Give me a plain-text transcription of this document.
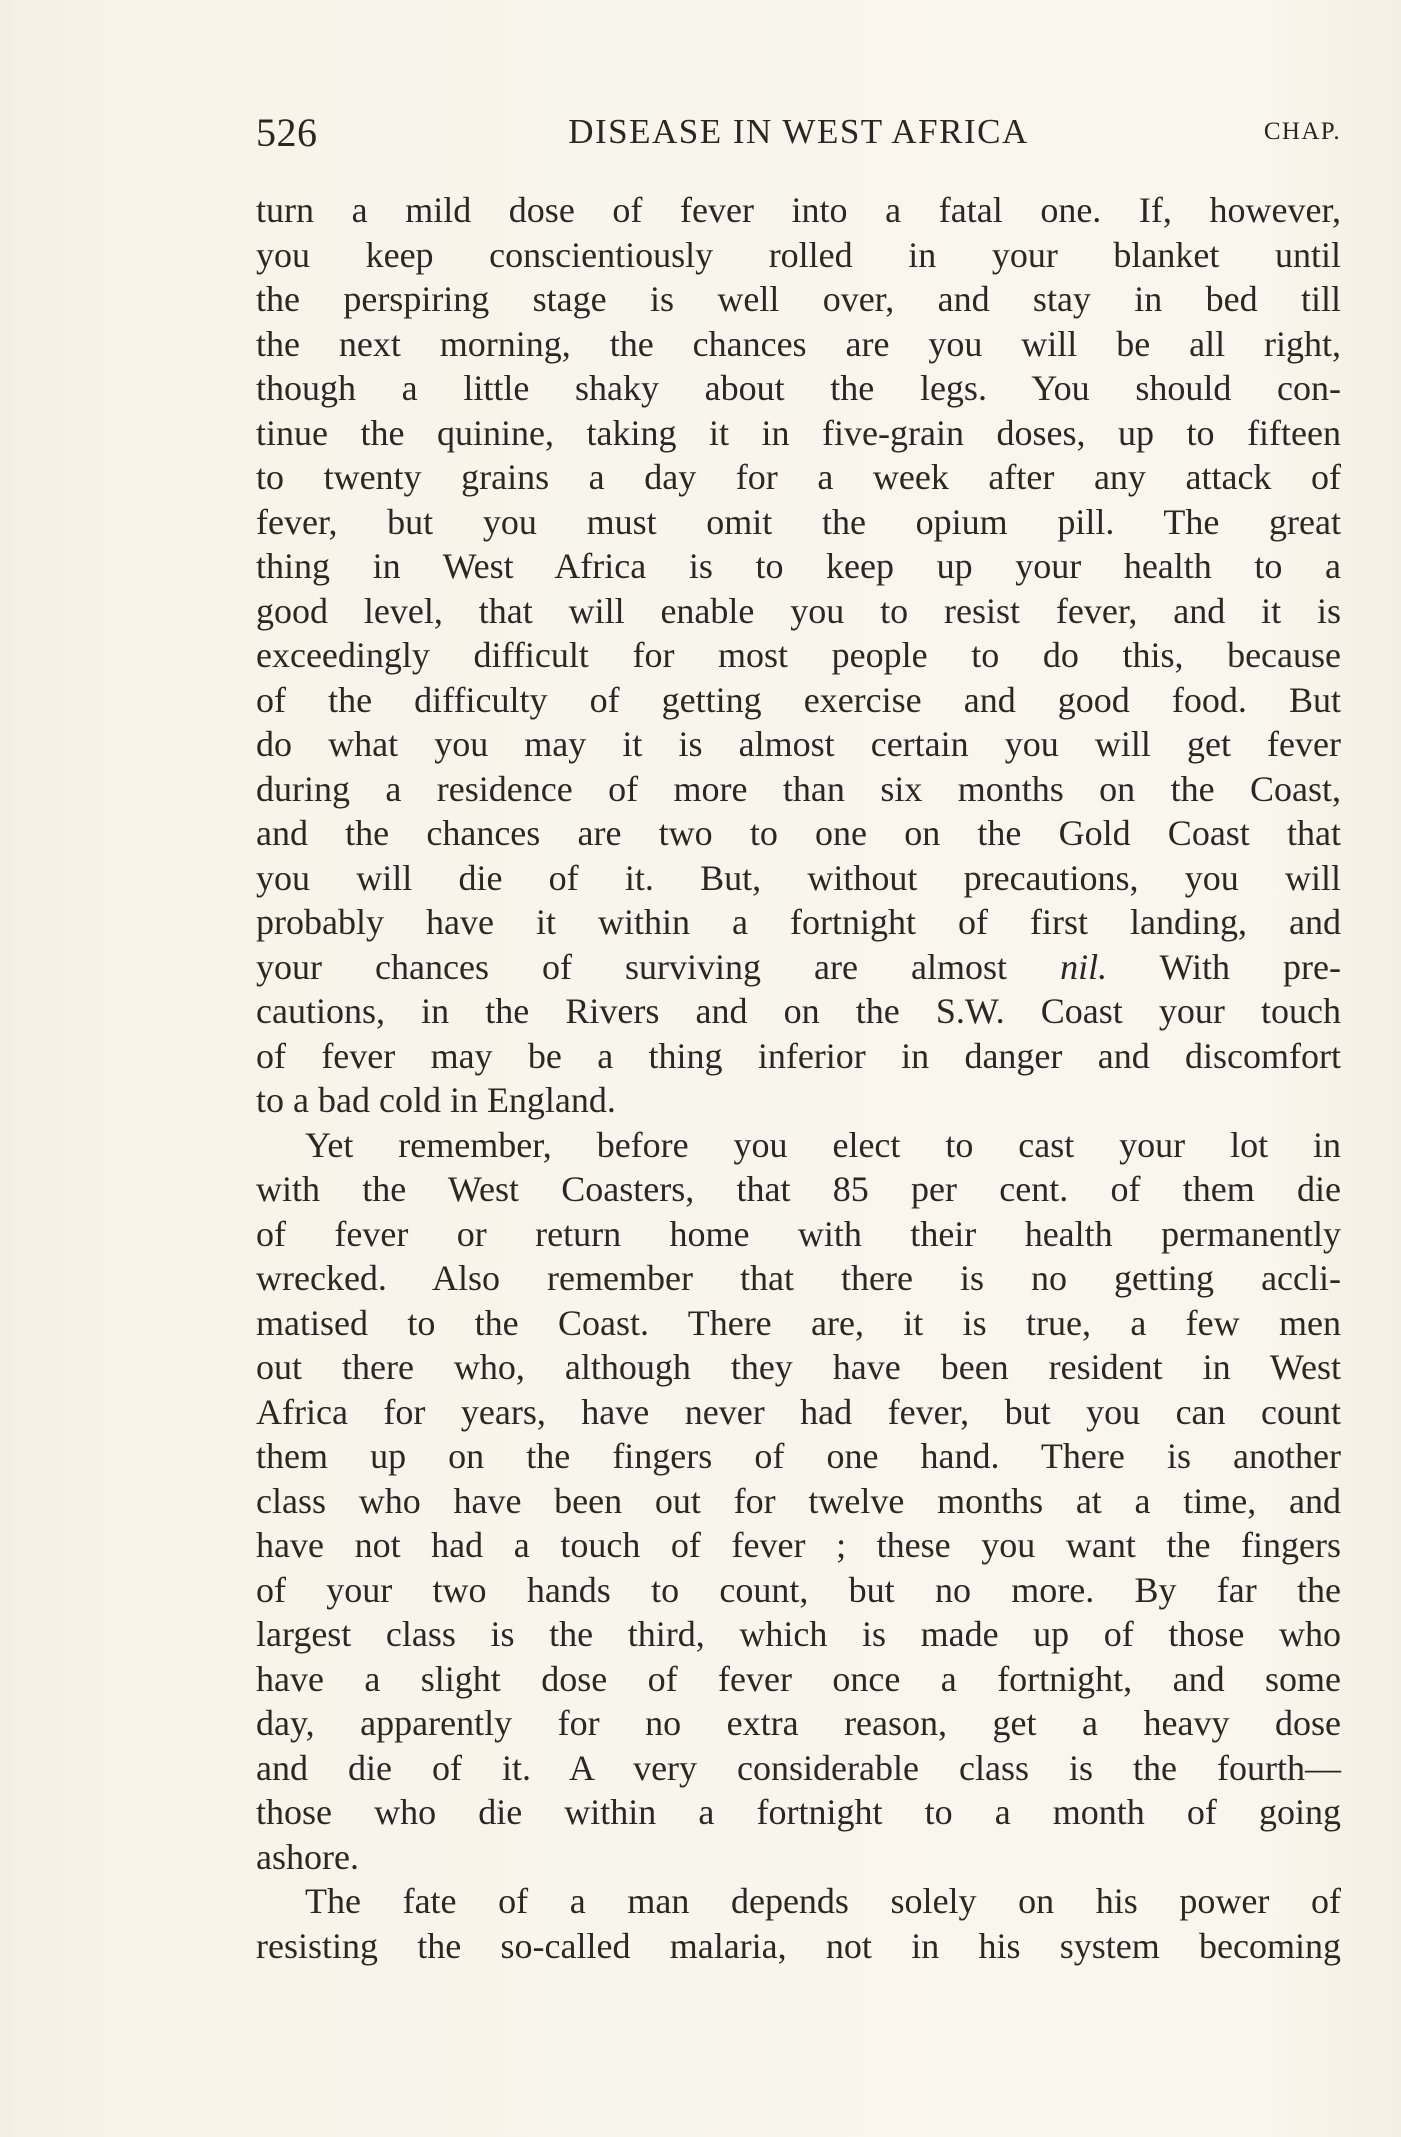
526	DISEASE IN WEST AFRICA	CHAP.

turn a mild dose of fever into a fatal one. If, however,

you keep conscientiously rolled in your blanket until

the perspiring stage is well over, and stay in bed till

the next morning, the chances are you will be all right,

though a little shaky about the legs. You should con-

tinue the quinine, taking it in five-grain doses, up to fifteen

to twenty grains a day for a week after any attack of

fever, but you must omit the opium pill. The great

thing in West Africa is to keep up your health to a

good level, that will enable you to resist fever, and it is

exceedingly difficult for most people to do this, because

of the difficulty of getting exercise and good food. But

do what you may it is almost certain you will get fever

during a residence of more than six months on the Coast,

and the chances are two to one on the Gold Coast that

you will die of it. But, without precautions, you will

probably have it within a fortnight of first landing, and

your chances of surviving are almost nil. With pre-

cautions, in the Rivers and on the S.W. Coast your touch

of fever may be a thing inferior in danger and discomfort

to a bad cold in England.

Yet remember, before you elect to cast your lot in

with the West Coasters, that 85 per cent. of them die

of fever or return home with their health permanently

wrecked. Also remember that there is no getting accli-

matised to the Coast. There are, it is true, a few men

out there who, although they have been resident in West

Africa for years, have never had fever, but you can count

them up on the fingers of one hand. There is another

class who have been out for twelve months at a time, and

have not had a touch of fever ; these you want the fingers

of your two hands to count, but no more. By far the

largest class is the third, which is made up of those who

have a slight dose of fever once a fortnight, and some

day, apparently for no extra reason, get a heavy dose

and die of it. A very considerable class is the fourth—

those who die within a fortnight to a month of going

ashore.

The fate of a man depends solely on his power of

resisting the so-called malaria, not in his system becoming
